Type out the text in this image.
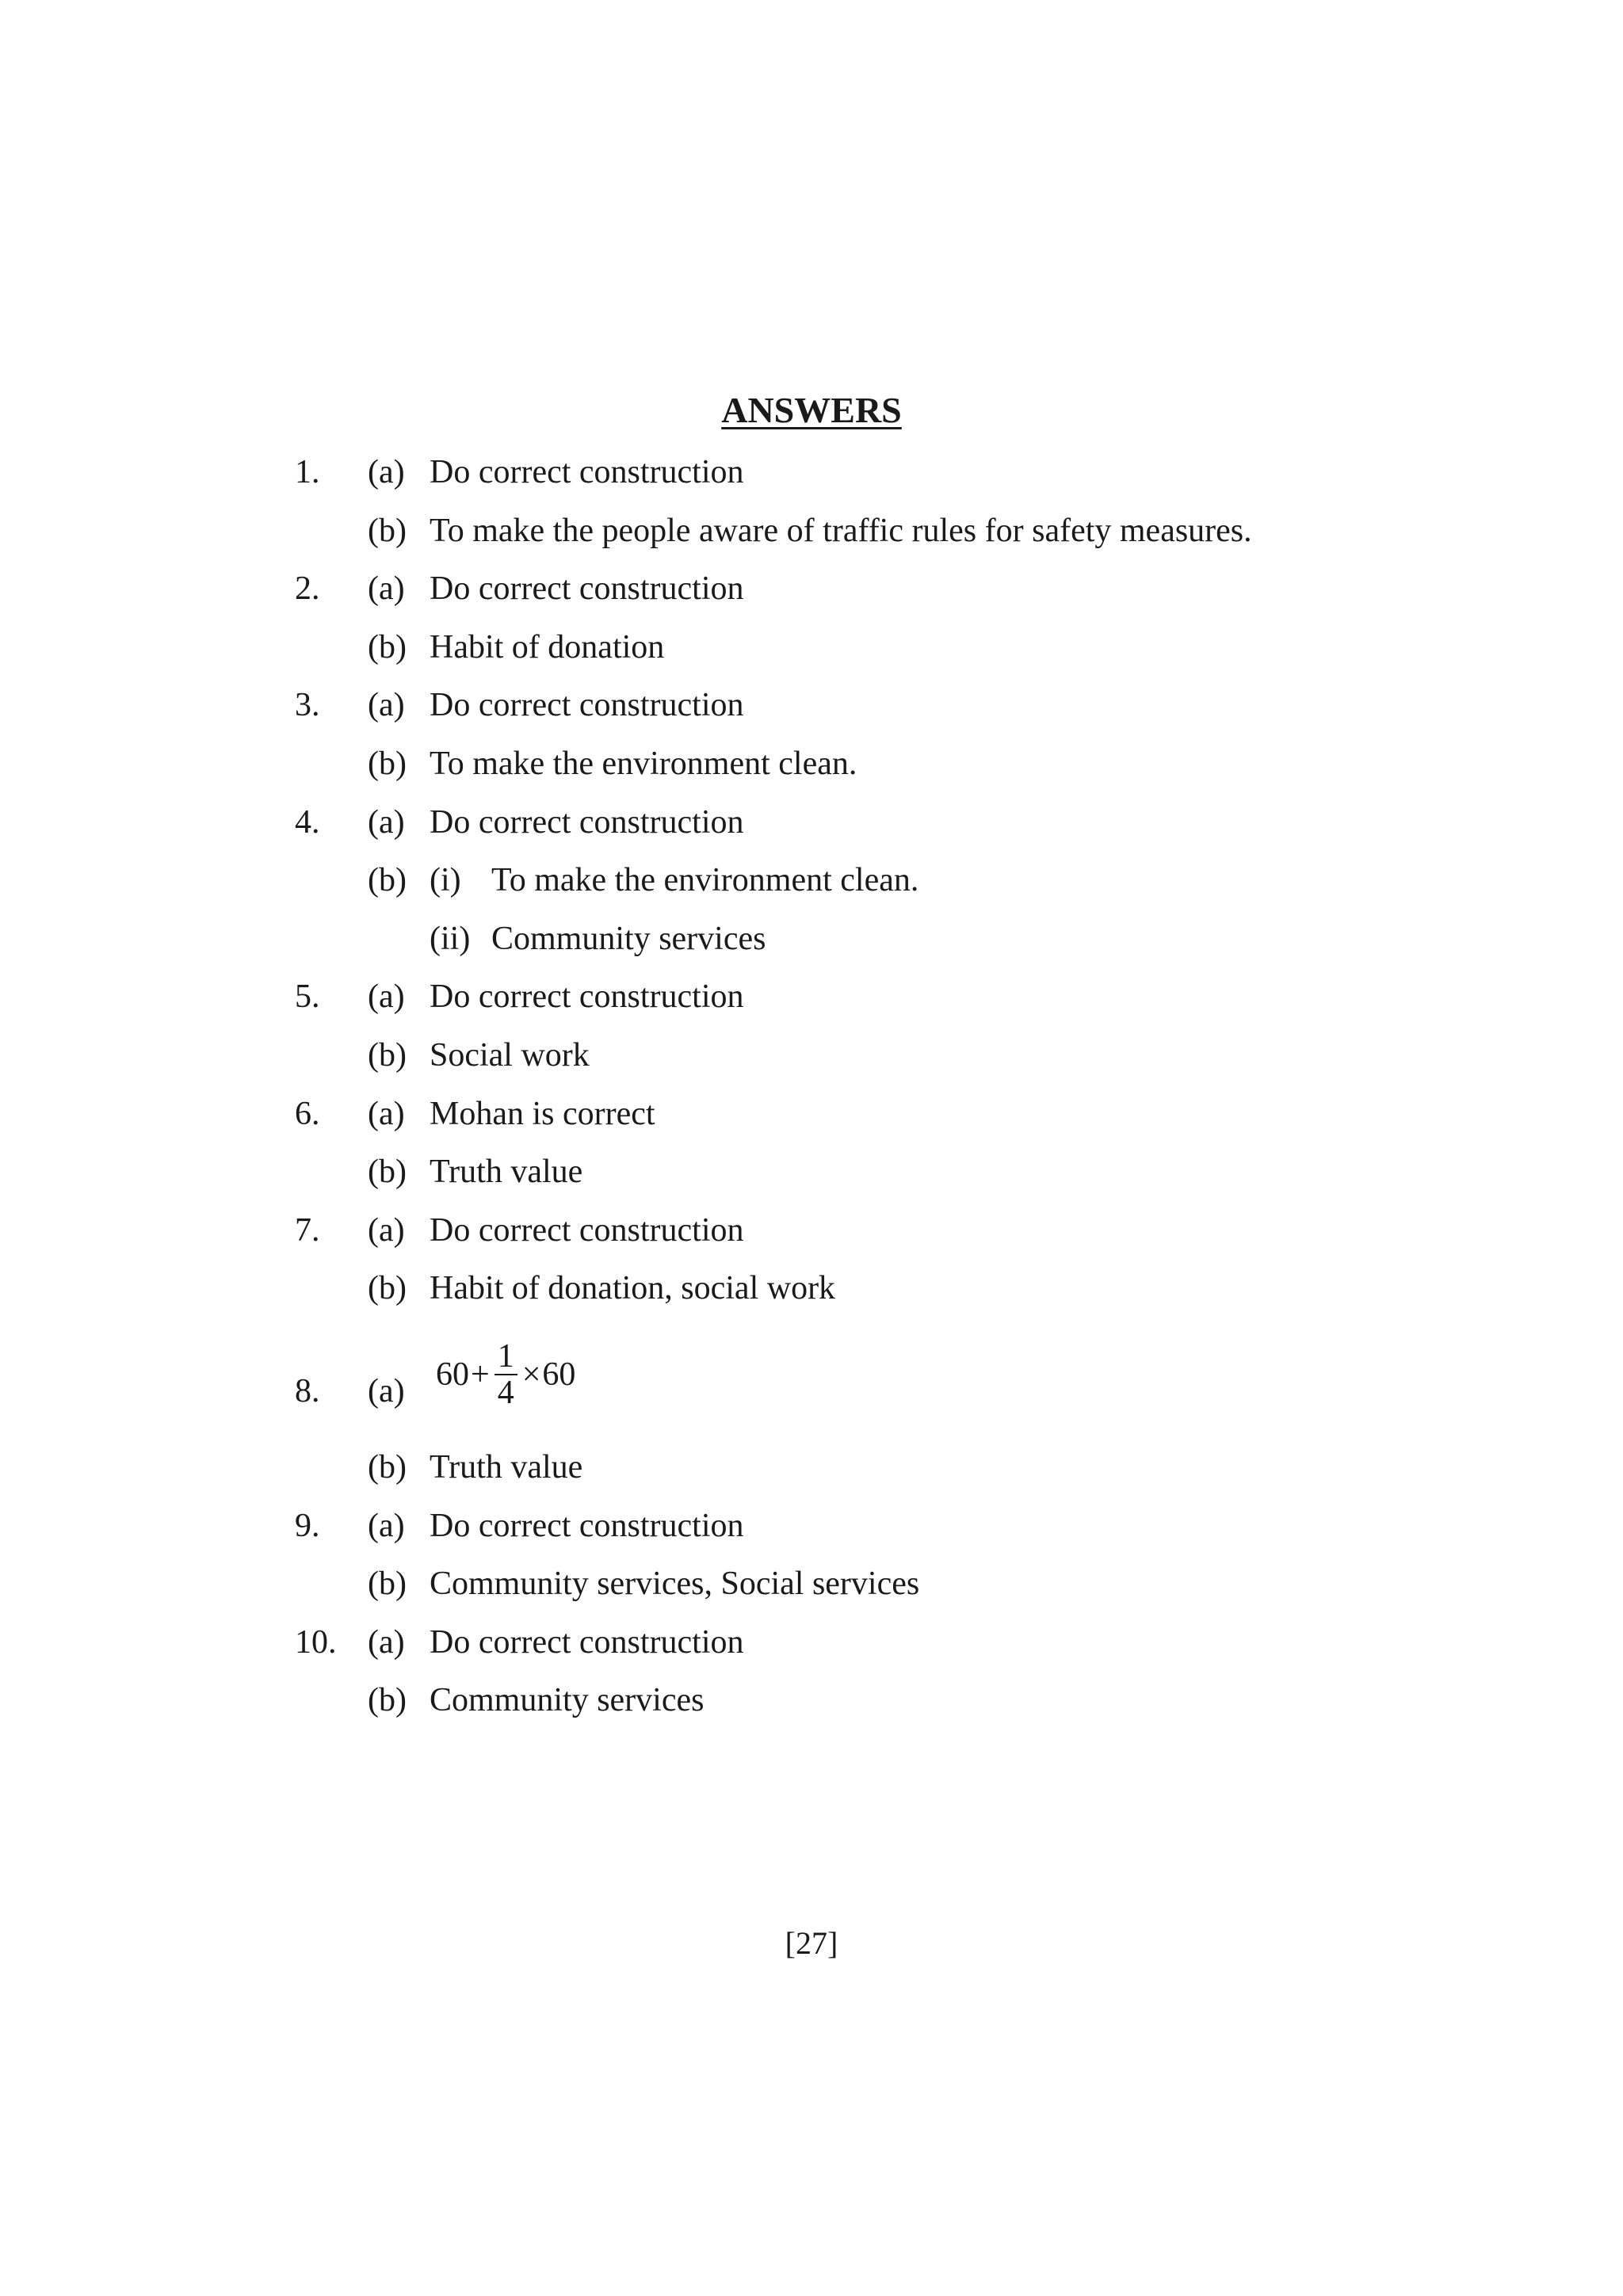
ANSWERS
1. (a) Do correct construction
(b) To make the people aware of traffic rules for safety measures.
2. (a) Do correct construction
(b) Habit of donation
3. (a) Do correct construction
(b) To make the environment clean.
4. (a) Do correct construction
(b) (i) To make the environment clean.
(ii) Community services
5. (a) Do correct construction
(b) Social work
6. (a) Mohan is correct
(b) Truth value
7. (a) Do correct construction
(b) Habit of donation, social work
8. (a) $60 + \frac{1}{4} \times 60$
(b) Truth value
9. (a) Do correct construction
(b) Community services, Social services
10. (a) Do correct construction
(b) Community services
[27]
